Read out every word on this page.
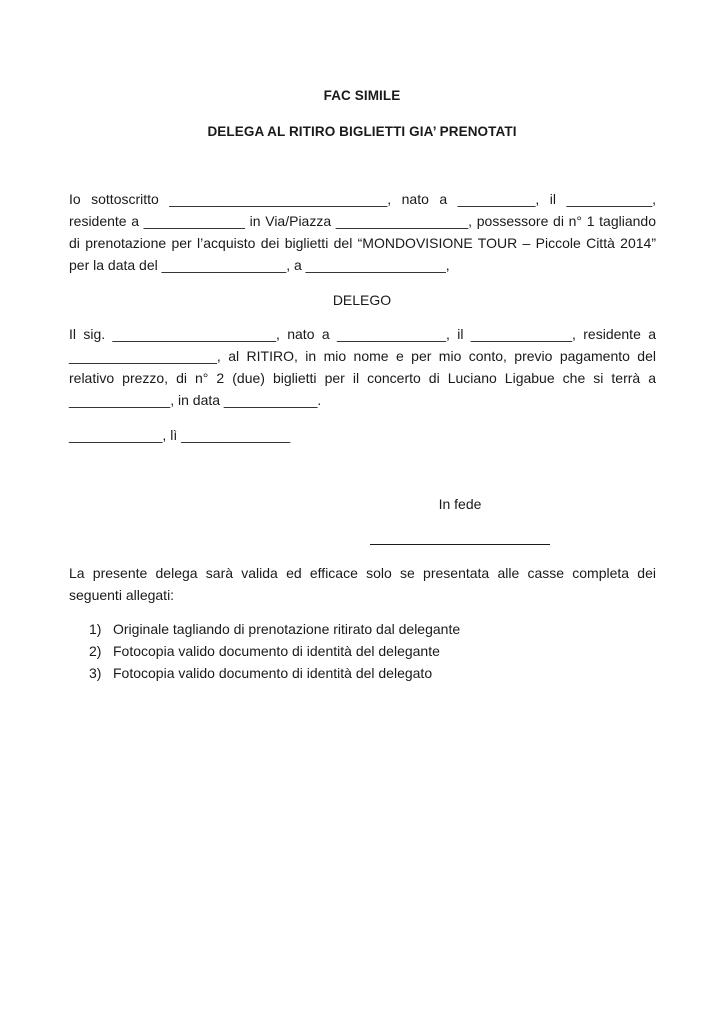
FAC SIMILE
DELEGA AL RITIRO BIGLIETTI GIA’ PRENOTATI
Io sottoscritto ____________________________, nato a __________, il ___________, residente a _____________ in Via/Piazza _________________, possessore di n° 1 tagliando di prenotazione per l’acquisto dei biglietti del “MONDOVISIONE TOUR – Piccole Città 2014” per la data del ________________, a __________________,
DELEGO
Il sig. _____________________, nato a ______________, il _____________, residente a ___________________, al RITIRO, in mio nome e per mio conto, previo pagamento del relativo prezzo, di n° 2 (due) biglietti per il concerto di Luciano Ligabue che si terrà a _____________, in data ____________.
____________, lì ______________
In fede
La presente delega sarà valida ed efficace solo se presentata alle casse completa dei seguenti allegati:
1) Originale tagliando di prenotazione ritirato dal delegante
2) Fotocopia valido documento di identità del delegante
3) Fotocopia valido documento di identità del delegato
